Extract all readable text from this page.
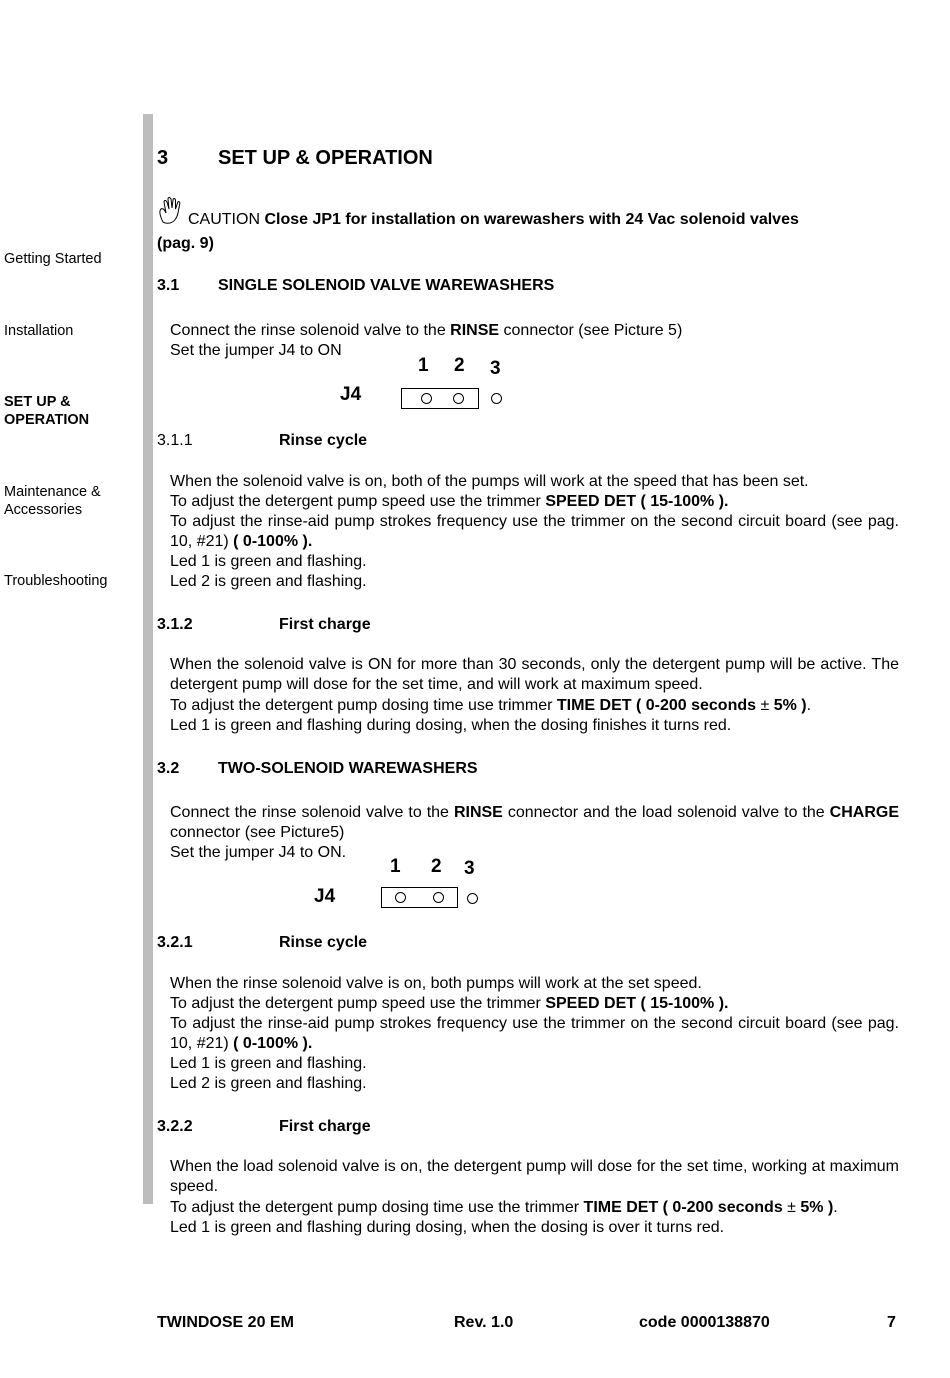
Getting Started
Installation
SET UP &
OPERATION
Maintenance &
Accessories
Troubleshooting
3 SET UP & OPERATION
CAUTION Close JP1 for installation on warewashers with 24 Vac solenoid valves
(pag. 9)
3.1 SINGLE SOLENOID VALVE WAREWASHERS
Connect the rinse solenoid valve to the RINSE connector (see Picture 5)
Set the jumper J4 to ON
J4
1 2 3
3.1.1	Rinse cycle
When the solenoid valve is on, both of the pumps will work at the speed that has been set.
To adjust the detergent pump speed use the trimmer SPEED DET ( 15-100% ).
To adjust the rinse-aid pump strokes frequency use the trimmer on the second circuit board (see pag. 10, #21) ( 0-100% ).
Led 1 is green and flashing.
Led 2 is green and flashing.
3.1.2	First charge
When the solenoid valve is ON for more than 30 seconds, only the detergent pump will be active. The detergent pump will dose for the set time, and will work at maximum speed.
To adjust the detergent pump dosing time use trimmer TIME DET ( 0-200 seconds ± 5% ).
Led 1 is green and flashing during dosing, when the dosing finishes it turns red.
3.2 TWO-SOLENOID WAREWASHERS
Connect the rinse solenoid valve to the RINSE connector and the load solenoid valve to the CHARGE connector (see Picture5)
Set the jumper J4 to ON.
J4
1 2 3
3.2.1	Rinse cycle
When the rinse solenoid valve is on, both pumps will work at the set speed.
To adjust the detergent pump speed use the trimmer SPEED DET ( 15-100% ).
To adjust the rinse-aid pump strokes frequency use the trimmer on the second circuit board (see pag. 10, #21) ( 0-100% ).
Led 1 is green and flashing.
Led 2 is green and flashing.
3.2.2	First charge
When the load solenoid valve is on, the detergent pump will dose for the set time, working at maximum speed.
To adjust the detergent pump dosing time use the trimmer TIME DET ( 0-200 seconds ± 5% ).
Led 1 is green and flashing during dosing, when the dosing is over it turns red.
TWINDOSE 20 EM	Rev. 1.0	code 0000138870	7
